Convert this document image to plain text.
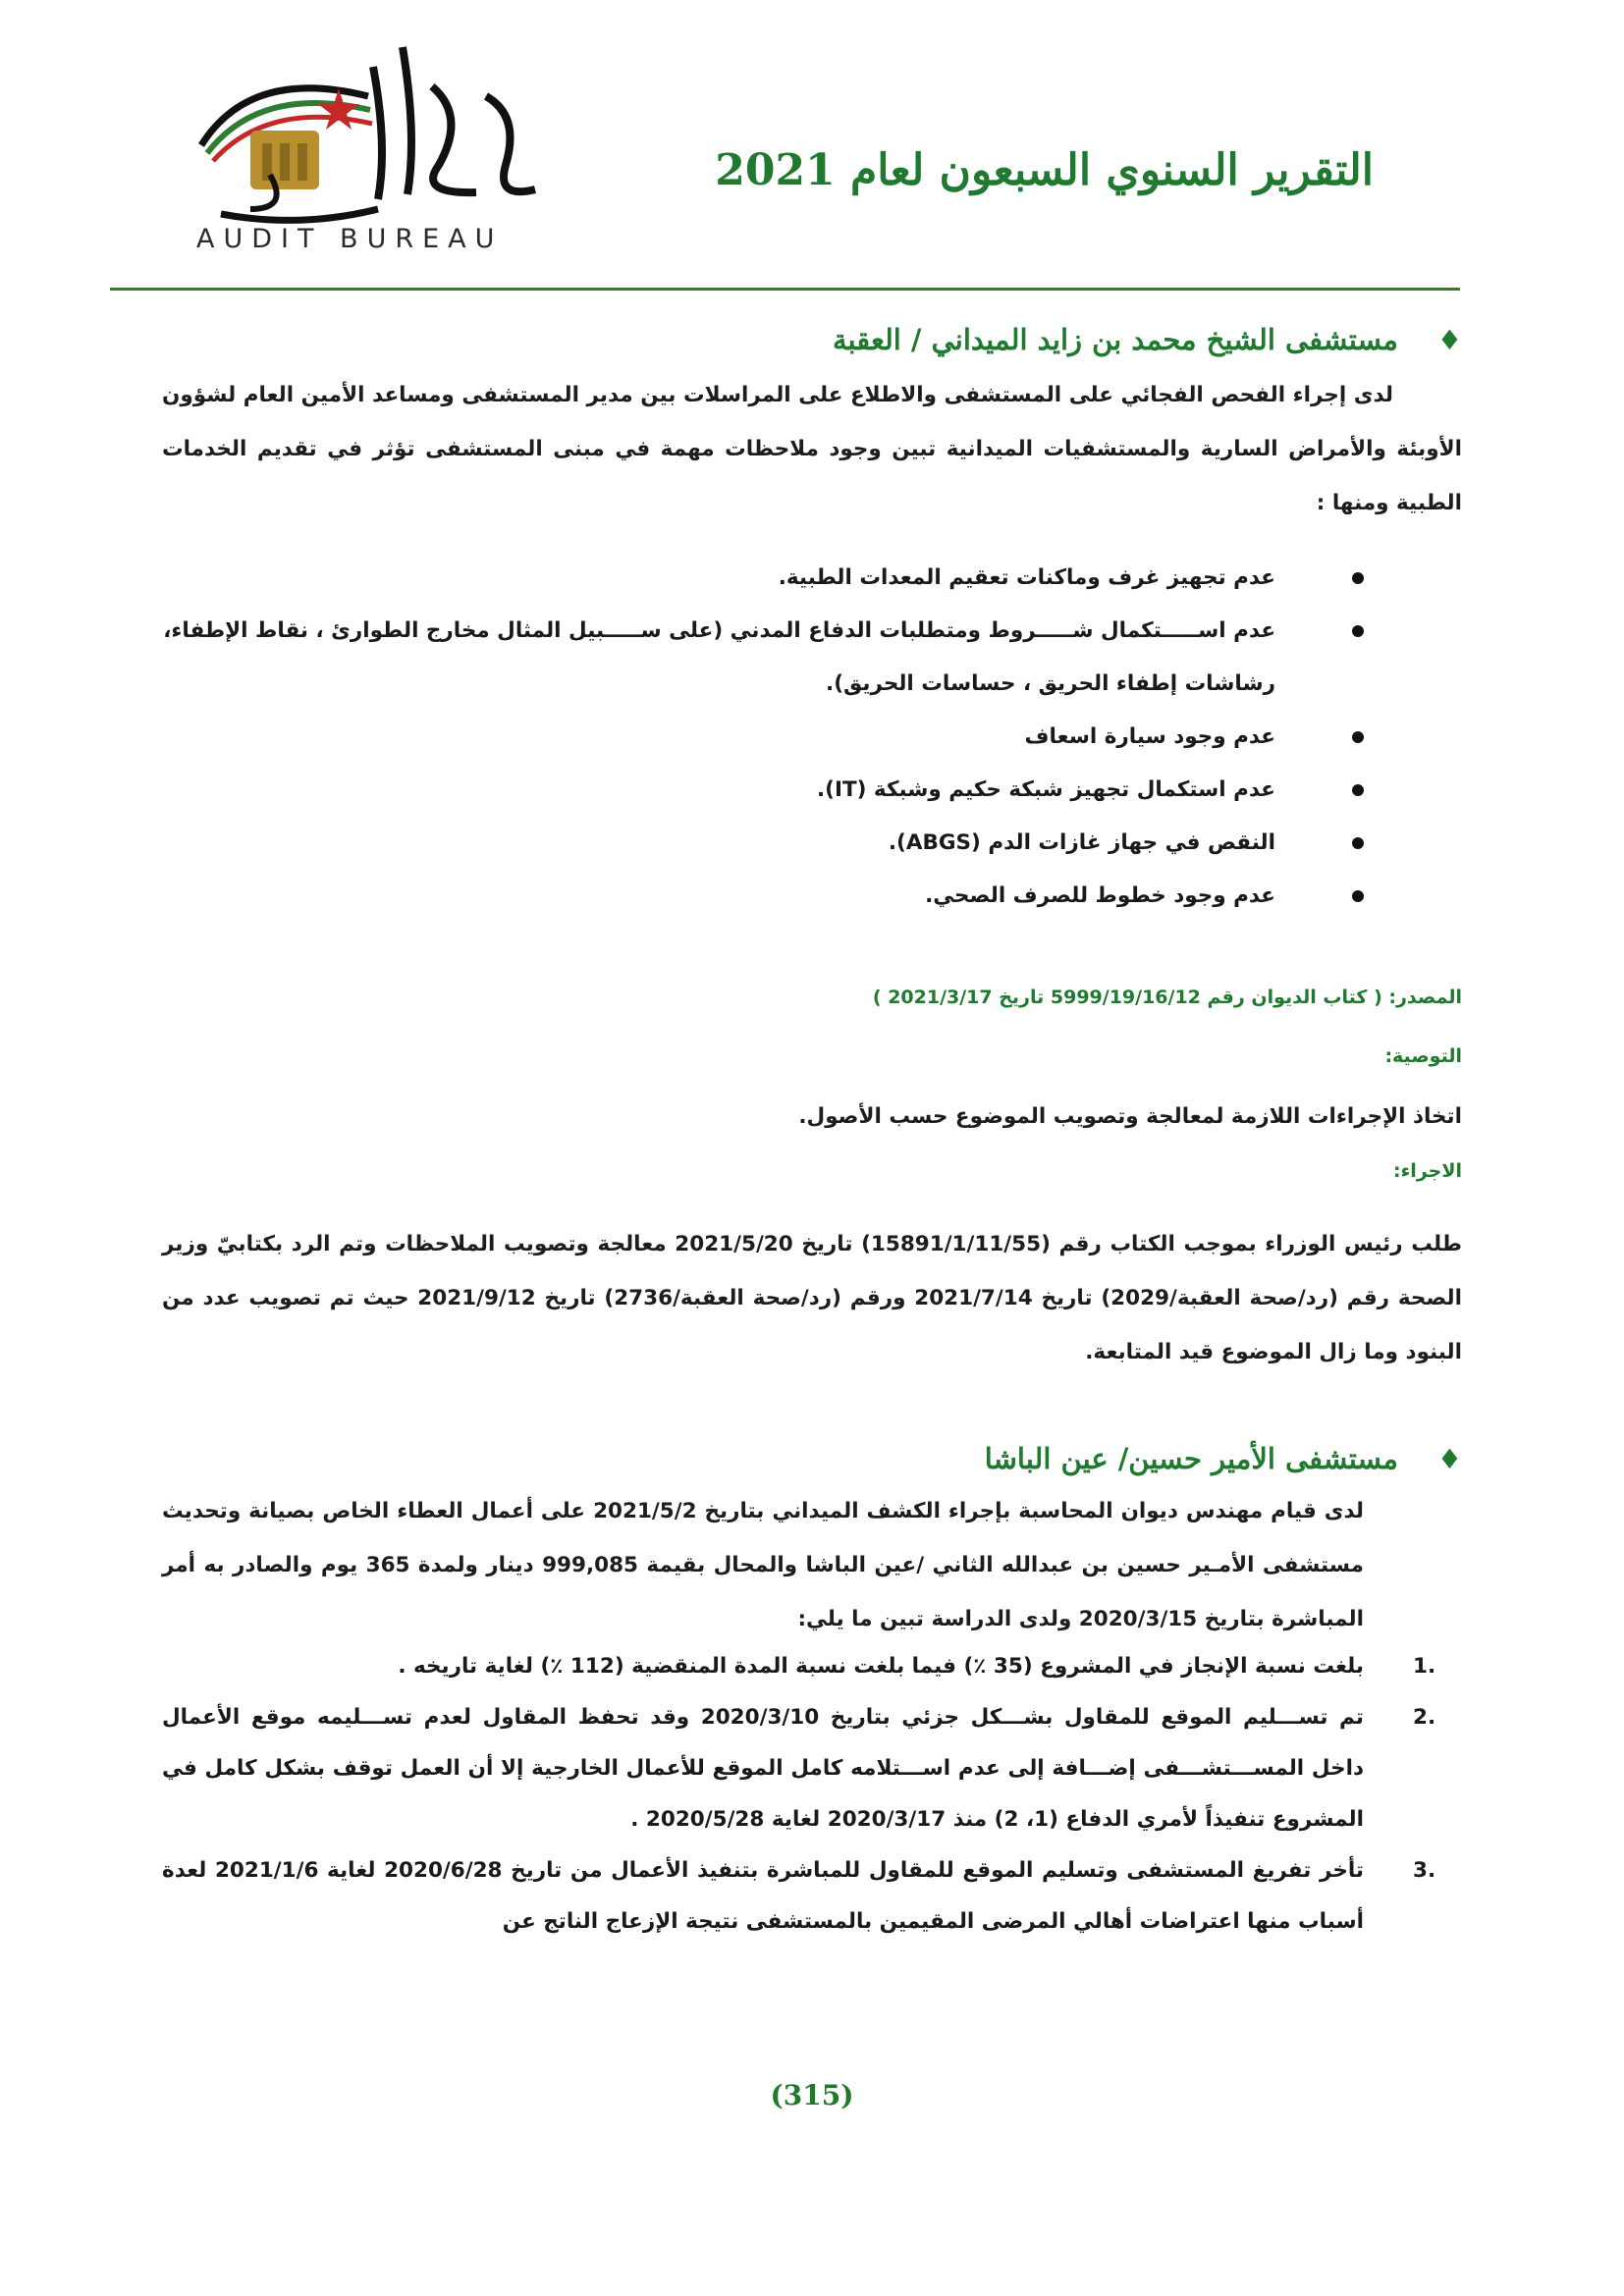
التقرير السنوي السبعون لعام 2021
AUDIT BUREAU
♦
مستشفى الشيخ محمد بن زايد الميداني / العقبة

لدى إجراء الفحص الفجائي على المستشفى والاطلاع على المراسلات بين مدير المستشفى ومساعد الأمين العام لشؤون الأوبئة والأمراض السارية والمستشفيات الميدانية تبين وجود ملاحظات مهمة في مبنى المستشفى تؤثر في تقديم الخدمات الطبية ومنها :

عدم تجهيز غرف وماكنات تعقيم المعدات الطبية.
عدم اســـــتكمال شـــــروط ومتطلبات الدفاع المدني (على ســـــبيل المثال مخارج الطوارئ ، نقاط الإطفاء، رشاشات إطفاء الحريق ، حساسات الحريق).
عدم وجود سيارة اسعاف
عدم استكمال تجهيز شبكة حكيم وشبكة (IT).
النقص في جهاز غازات الدم (ABGS).
عدم وجود خطوط للصرف الصحي.
المصدر: ( كتاب الديوان رقم 5999/19/16/12 تاريخ 2021/3/17 )
التوصية:

اتخاذ الإجراءات اللازمة لمعالجة وتصويب الموضوع حسب الأصول.

الاجراء:

طلب رئيس الوزراء بموجب الكتاب رقم (15891/1/11/55) تاريخ 2021/5/20 معالجة وتصويب الملاحظات وتم الرد بكتابيّ وزير الصحة رقم (رد/صحة العقبة/2029) تاريخ 2021/7/14 ورقم (رد/صحة العقبة/2736) تاريخ 2021/9/12 حيث تم تصويب عدد من البنود وما زال الموضوع قيد المتابعة.

♦
مستشفى الأمير حسين/ عين الباشا

لدى قيام مهندس ديوان المحاسبة بإجراء الكشف الميداني بتاريخ 2021/5/2 على أعمال العطاء الخاص بصيانة وتحديث مستشفى الأمـير حسين بن عبدالله الثاني /عين الباشا والمحال بقيمة 999,085 دينار ولمدة 365 يوم والصادر به أمر المباشرة بتاريخ 2020/3/15 ولدى الدراسة تبين ما يلي:

1.
بلغت نسبة الإنجاز في المشروع (35 ٪) فيما بلغت نسبة المدة المنقضية (112 ٪) لغاية تاريخه .
2.
تم تســـليم الموقع للمقاول بشـــكل جزئي بتاريخ 2020/3/10 وقد تحفظ المقاول لعدم تســـليمه موقع الأعمال داخل المســـتشـــفى إضـــافة إلى عدم اســـتلامه كامل الموقع للأعمال الخارجية إلا أن العمل توقف بشكل كامل في المشروع تنفيذاً لأمري الدفاع (1، 2) منذ 2020/3/17 لغاية 2020/5/28 .
3.
تأخر تفريغ المستشفى وتسليم الموقع للمقاول للمباشرة بتنفيذ الأعمال من تاريخ 2020/6/28 لغاية 2021/1/6 لعدة أسباب منها اعتراضات أهالي المرضى المقيمين بالمستشفى نتيجة الإزعاج الناتج عن
(315)
